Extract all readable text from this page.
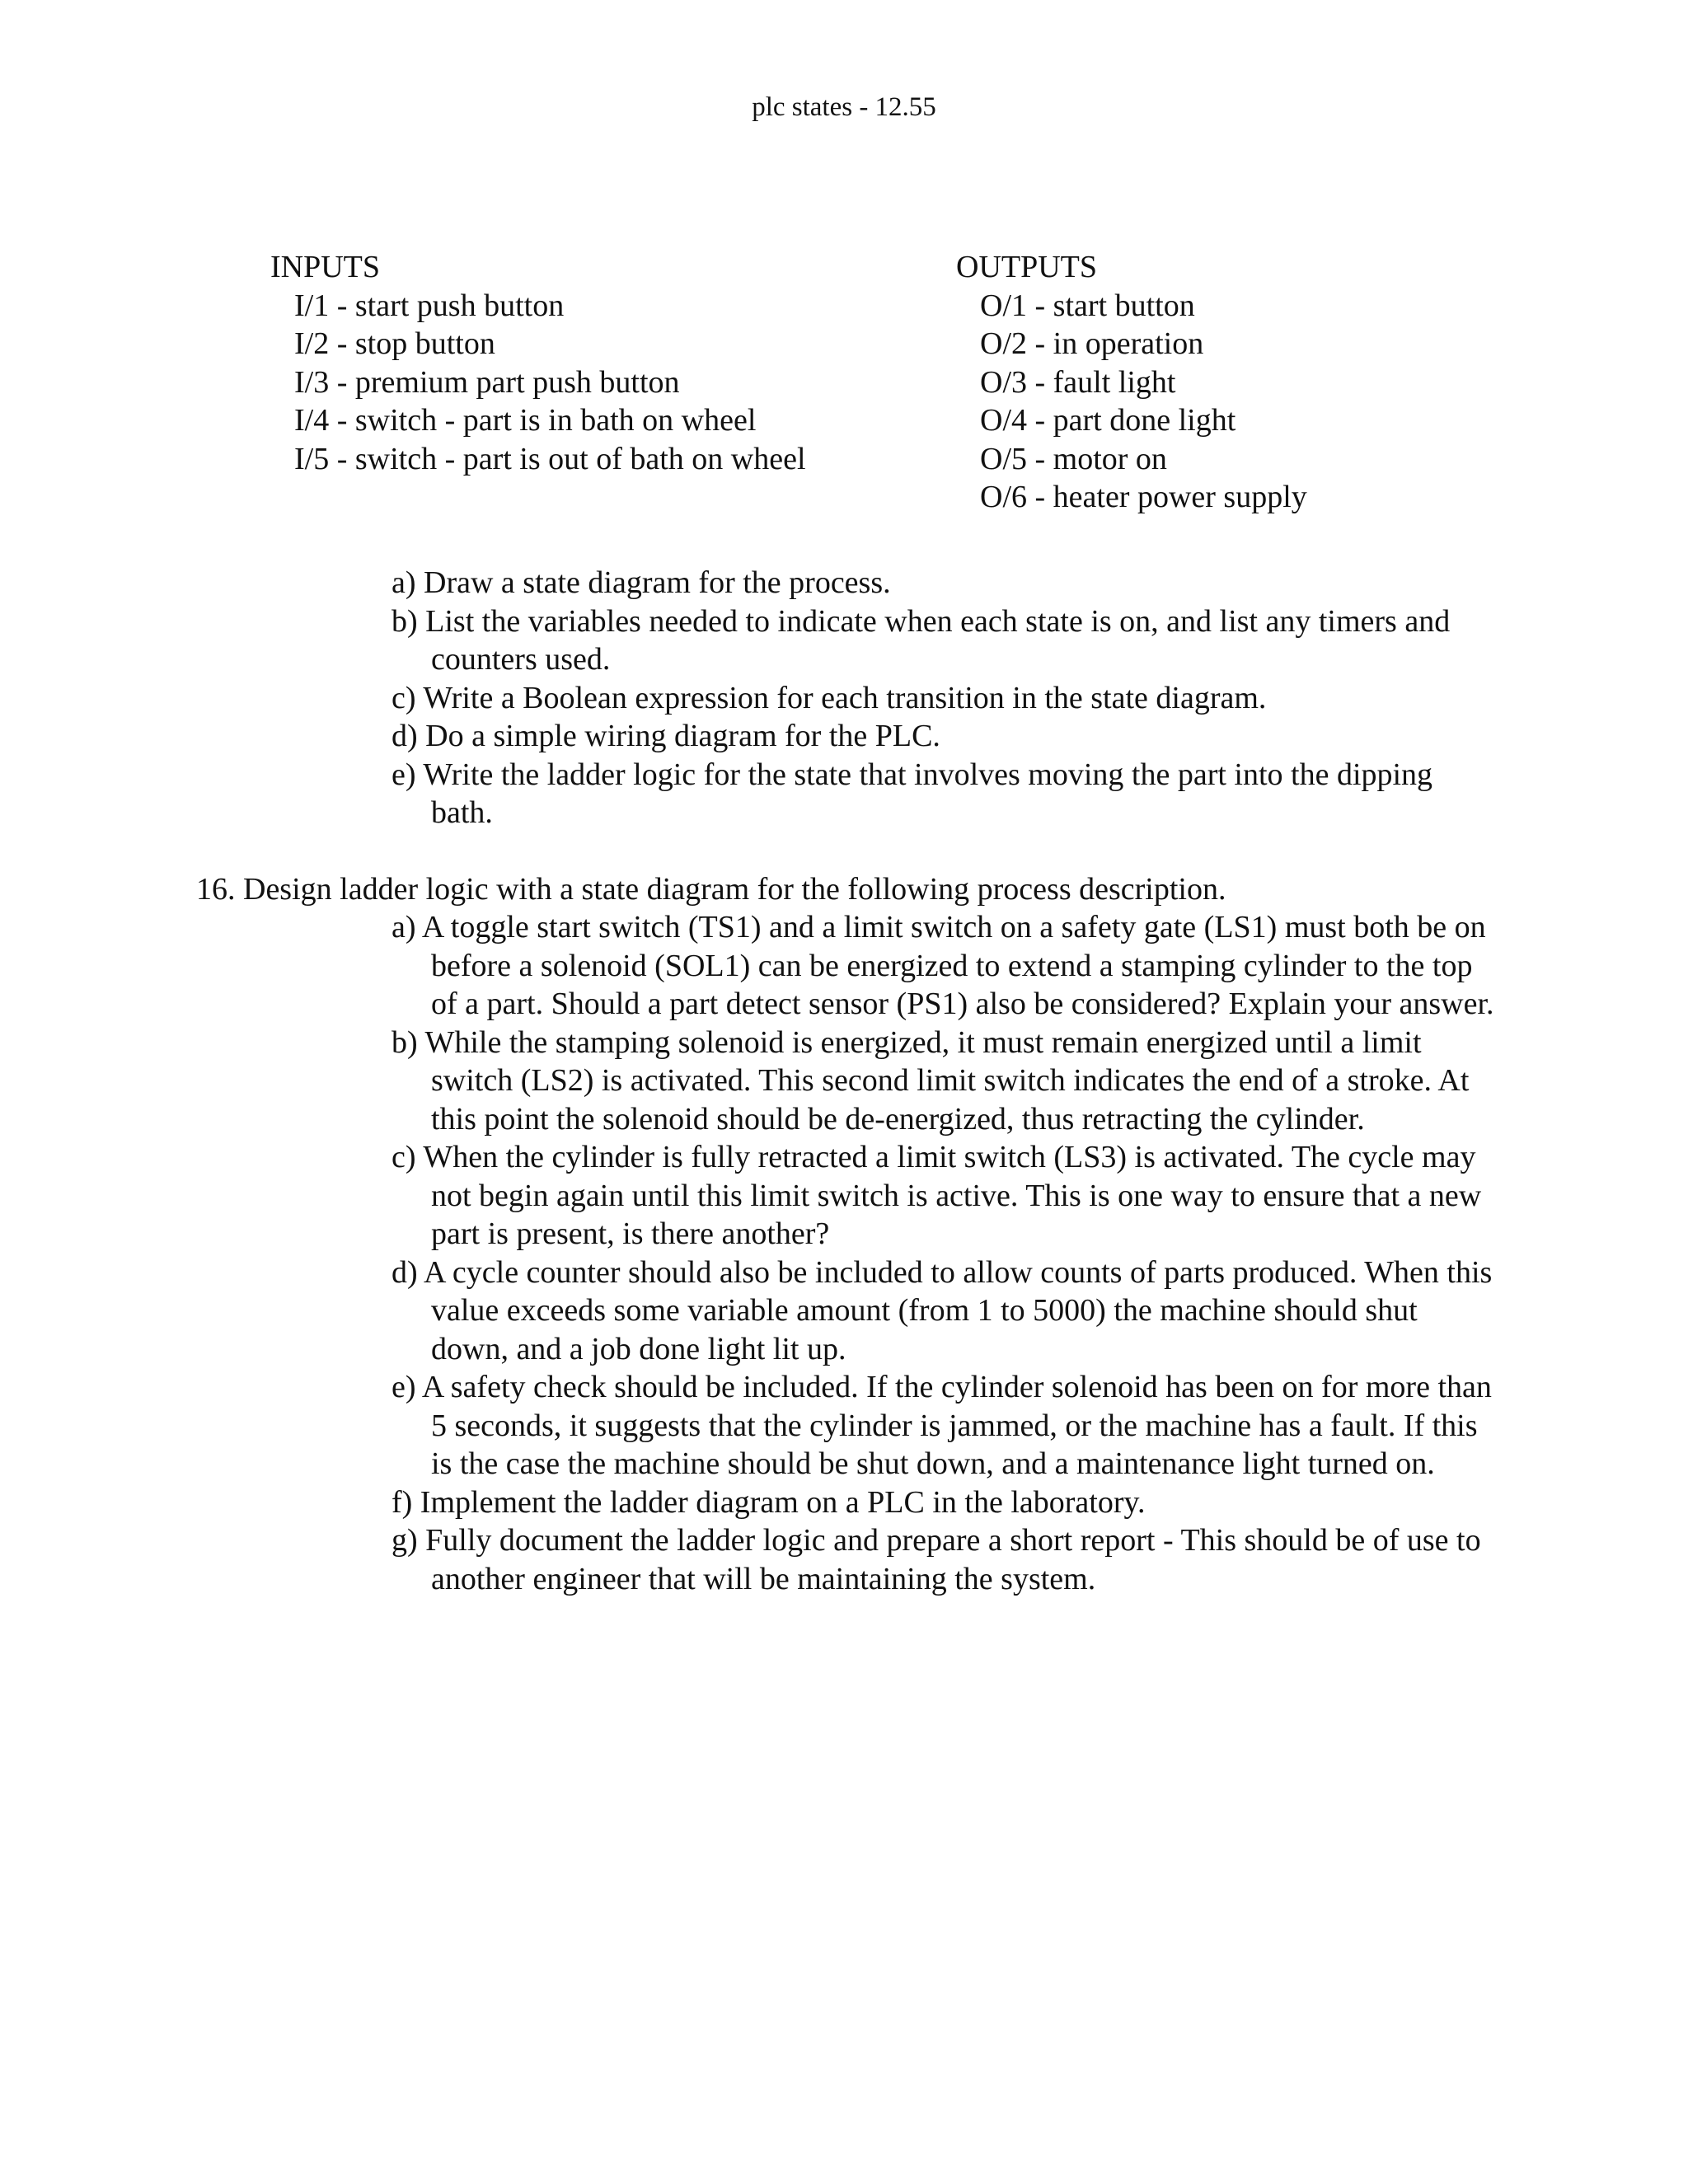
plc states - 12.55
INPUTS
I/1 - start push button
I/2 - stop button
I/3 - premium part push button
I/4 - switch - part is in bath on wheel
I/5 - switch - part is out of bath on wheel
OUTPUTS
O/1 - start button
O/2 - in operation
O/3 - fault light
O/4 - part done light
O/5 - motor on
O/6 - heater power supply
a) Draw a state diagram for the process.
b) List the variables needed to indicate when each state is on, and list any timers and counters used.
c) Write a Boolean expression for each transition in the state diagram.
d) Do a simple wiring diagram for the PLC.
e) Write the ladder logic for the state that involves moving the part into the dipping bath.
16. Design ladder logic with a state diagram for the following process description.
a) A toggle start switch (TS1) and a limit switch on a safety gate (LS1) must both be on before a solenoid (SOL1) can be energized to extend a stamping cylinder to the top of a part. Should a part detect sensor (PS1) also be considered? Explain your answer.
b) While the stamping solenoid is energized, it must remain energized until a limit switch (LS2) is activated. This second limit switch indicates the end of a stroke. At this point the solenoid should be de-energized, thus retracting the cylinder.
c) When the cylinder is fully retracted a limit switch (LS3) is activated. The cycle may not begin again until this limit switch is active. This is one way to ensure that a new part is present, is there another?
d) A cycle counter should also be included to allow counts of parts produced. When this value exceeds some variable amount (from 1 to 5000) the machine should shut down, and a job done light lit up.
e) A safety check should be included. If the cylinder solenoid has been on for more than 5 seconds, it suggests that the cylinder is jammed, or the machine has a fault. If this is the case the machine should be shut down, and a maintenance light turned on.
f) Implement the ladder diagram on a PLC in the laboratory.
g) Fully document the ladder logic and prepare a short report - This should be of use to another engineer that will be maintaining the system.
